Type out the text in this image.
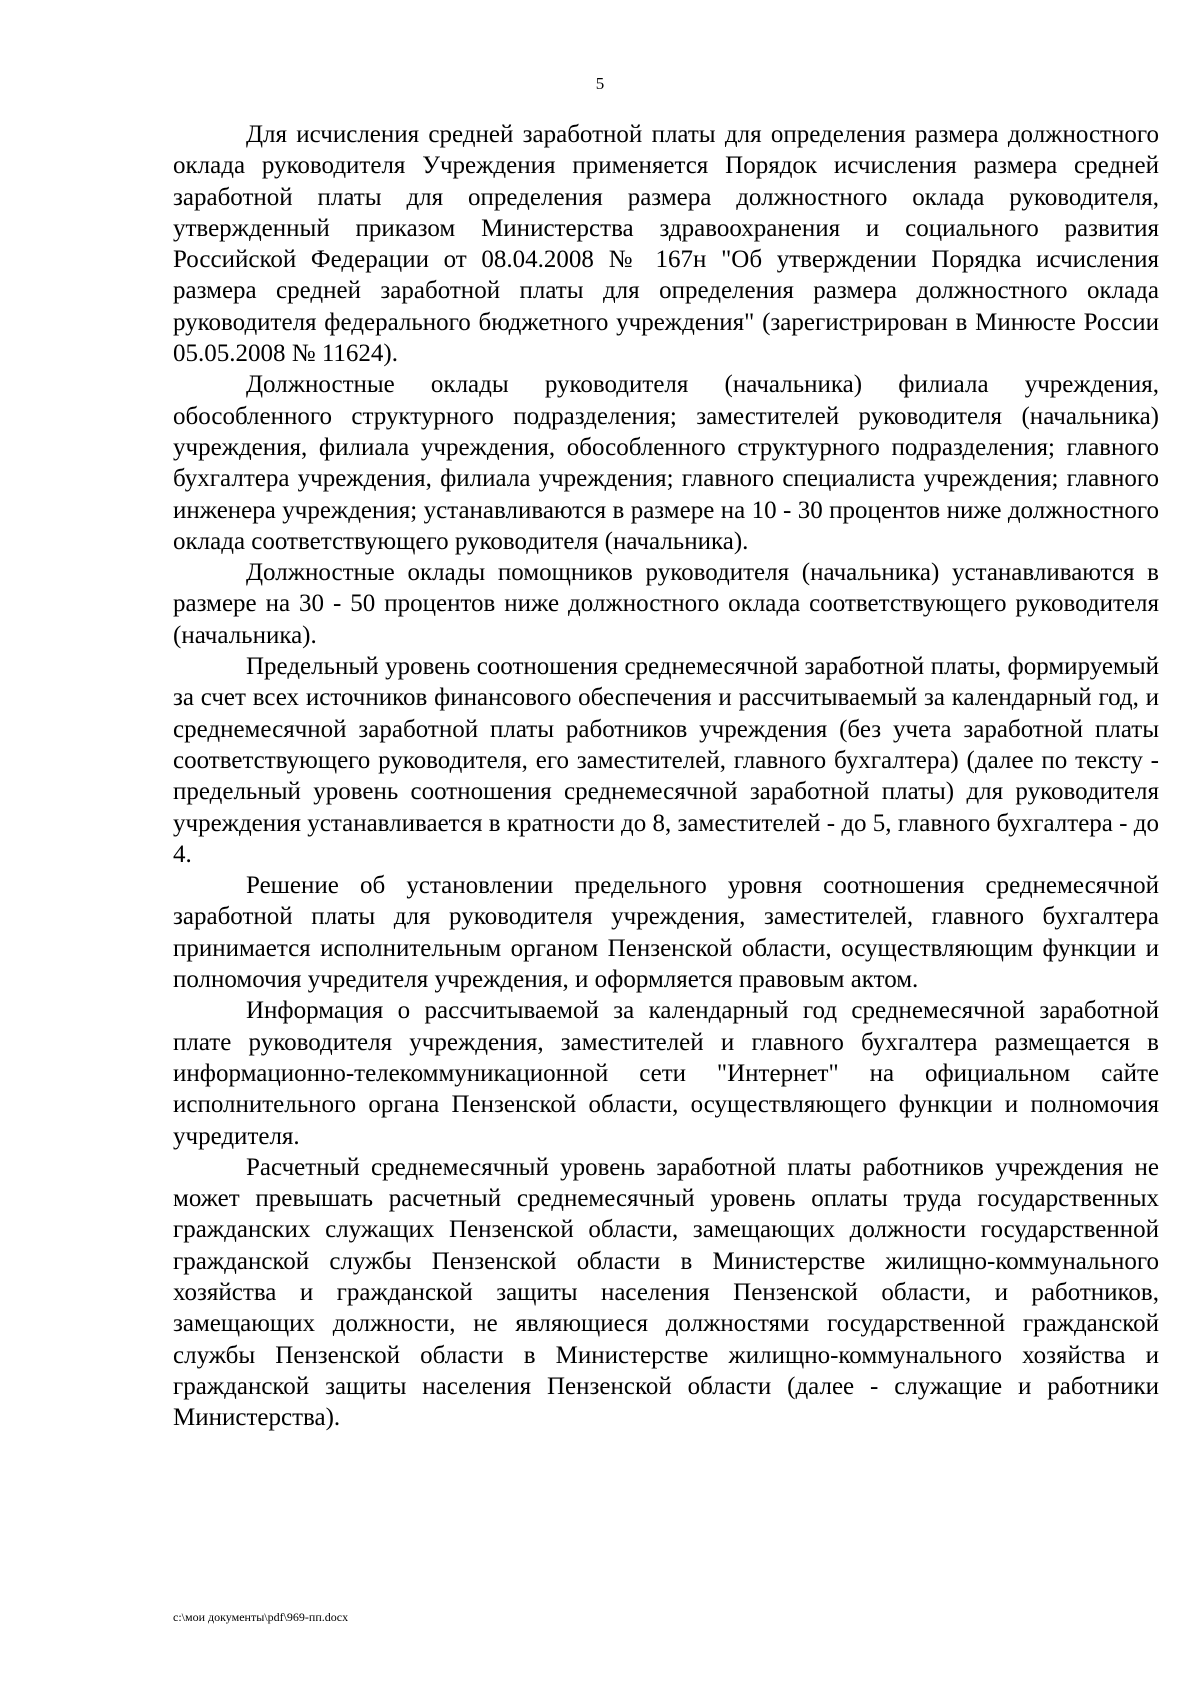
5

Для исчисления средней заработной платы для определения размера должностного оклада руководителя Учреждения применяется Порядок исчисления размера средней заработной платы для определения размера должностного оклада руководителя, утвержденный приказом Министерства здравоохранения и социального развития Российской Федерации от 08.04.2008 № 167н "Об утверждении Порядка исчисления размера средней заработной платы для определения размера должностного оклада руководителя федерального бюджетного учреждения" (зарегистрирован в Минюсте России 05.05.2008 № 11624).

Должностные оклады руководителя (начальника) филиала учреждения, обособленного структурного подразделения; заместителей руководителя (начальника) учреждения, филиала учреждения, обособленного структурного подразделения; главного бухгалтера учреждения, филиала учреждения; главного специалиста учреждения; главного инженера учреждения; устанавливаются в размере на 10 - 30 процентов ниже должностного оклада соответствующего руководителя (начальника).

Должностные оклады помощников руководителя (начальника) устанавливаются в размере на 30 - 50 процентов ниже должностного оклада соответствующего руководителя (начальника).

Предельный уровень соотношения среднемесячной заработной платы, формируемый за счет всех источников финансового обеспечения и рассчитываемый за календарный год, и среднемесячной заработной платы работников учреждения (без учета заработной платы соответствующего руководителя, его заместителей, главного бухгалтера) (далее по тексту - предельный уровень соотношения среднемесячной заработной платы) для руководителя учреждения устанавливается в кратности до 8, заместителей - до 5, главного бухгалтера - до 4.

Решение об установлении предельного уровня соотношения среднемесячной заработной платы для руководителя учреждения, заместителей, главного бухгалтера принимается исполнительным органом Пензенской области, осуществляющим функции и полномочия учредителя учреждения, и оформляется правовым актом.

Информация о рассчитываемой за календарный год среднемесячной заработной плате руководителя учреждения, заместителей и главного бухгалтера размещается в информационно-телекоммуникационной сети "Интернет" на официальном сайте исполнительного органа Пензенской области, осуществляющего функции и полномочия учредителя.

Расчетный среднемесячный уровень заработной платы работников учреждения не может превышать расчетный среднемесячный уровень оплаты труда государственных гражданских служащих Пензенской области, замещающих должности государственной гражданской службы Пензенской области в Министерстве жилищно-коммунального хозяйства и гражданской защиты населения Пензенской области, и работников, замещающих должности, не являющиеся должностями государственной гражданской службы Пензенской области в Министерстве жилищно-коммунального хозяйства и гражданской защиты населения Пензенской области (далее - служащие и работники Министерства).

c:\мои документы\pdf\969-пп.docx
